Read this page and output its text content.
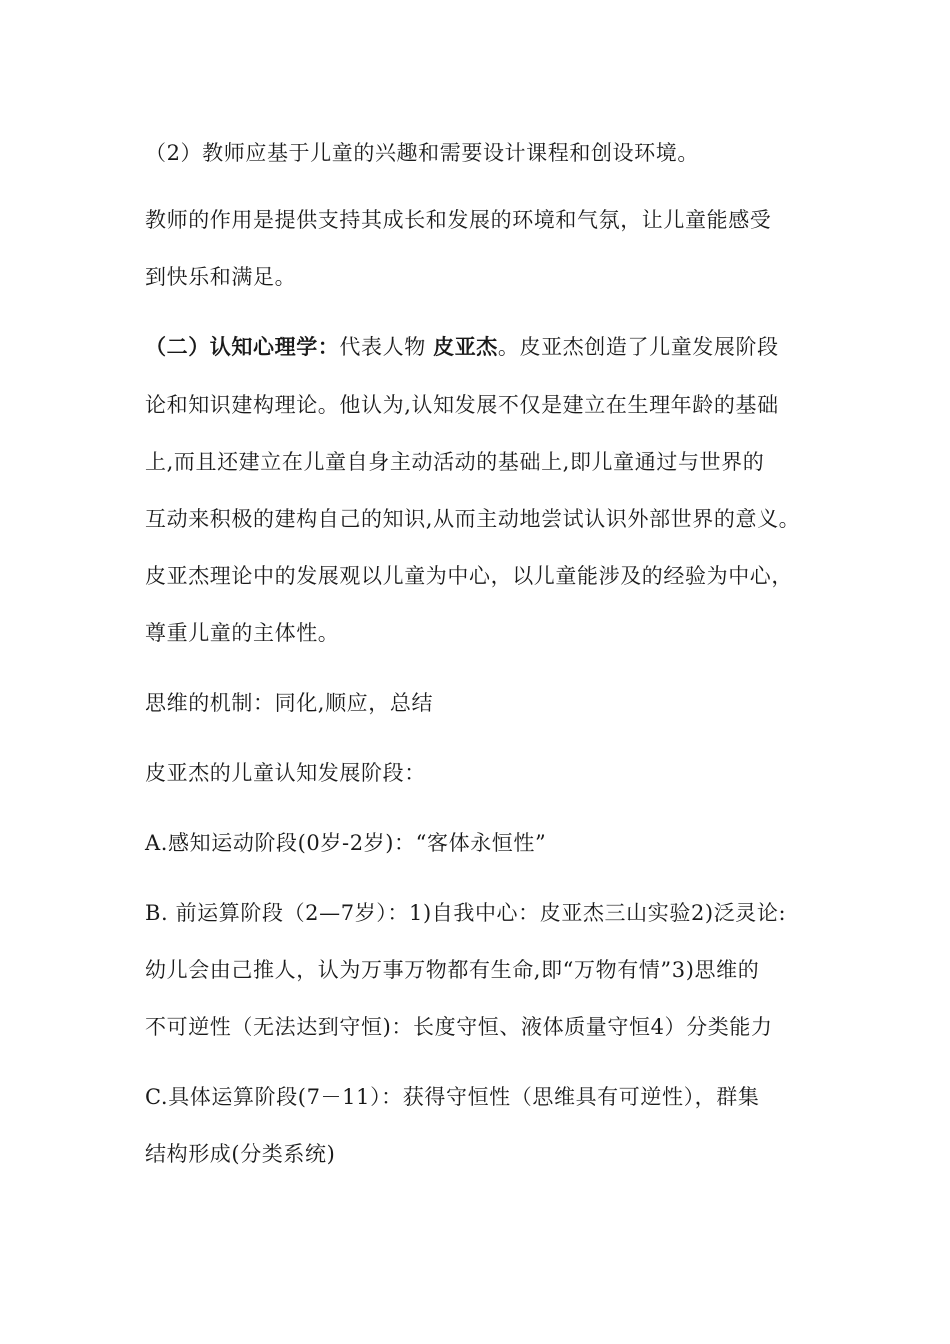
（2）教师应基于儿童的兴趣和需要设计课程和创设环境。
教师的作用是提供支持其成长和发展的环境和气氛，让儿童能感受
到快乐和满足。
（二）认知心理学：代表人物 皮亚杰。皮亚杰创造了儿童发展阶段
论和知识建构理论。他认为,认知发展不仅是建立在生理年龄的基础
上,而且还建立在儿童自身主动活动的基础上,即儿童通过与世界的
互动来积极的建构自己的知识,从而主动地尝试认识外部世界的意义。
皮亚杰理论中的发展观以儿童为中心，以儿童能涉及的经验为中心，
尊重儿童的主体性。
思维的机制：同化,顺应，总结
皮亚杰的儿童认知发展阶段：
A.感知运动阶段(0岁-2岁)：“客体永恒性”
B. 前运算阶段（2—7岁）：1)自我中心：皮亚杰三山实验2)泛灵论:
幼儿会由己推人，认为万事万物都有生命,即“万物有情”3)思维的
不可逆性（无法达到守恒)：长度守恒、液体质量守恒4）分类能力
C.具体运算阶段(7－11）：获得守恒性（思维具有可逆性），群集
结构形成(分类系统)
